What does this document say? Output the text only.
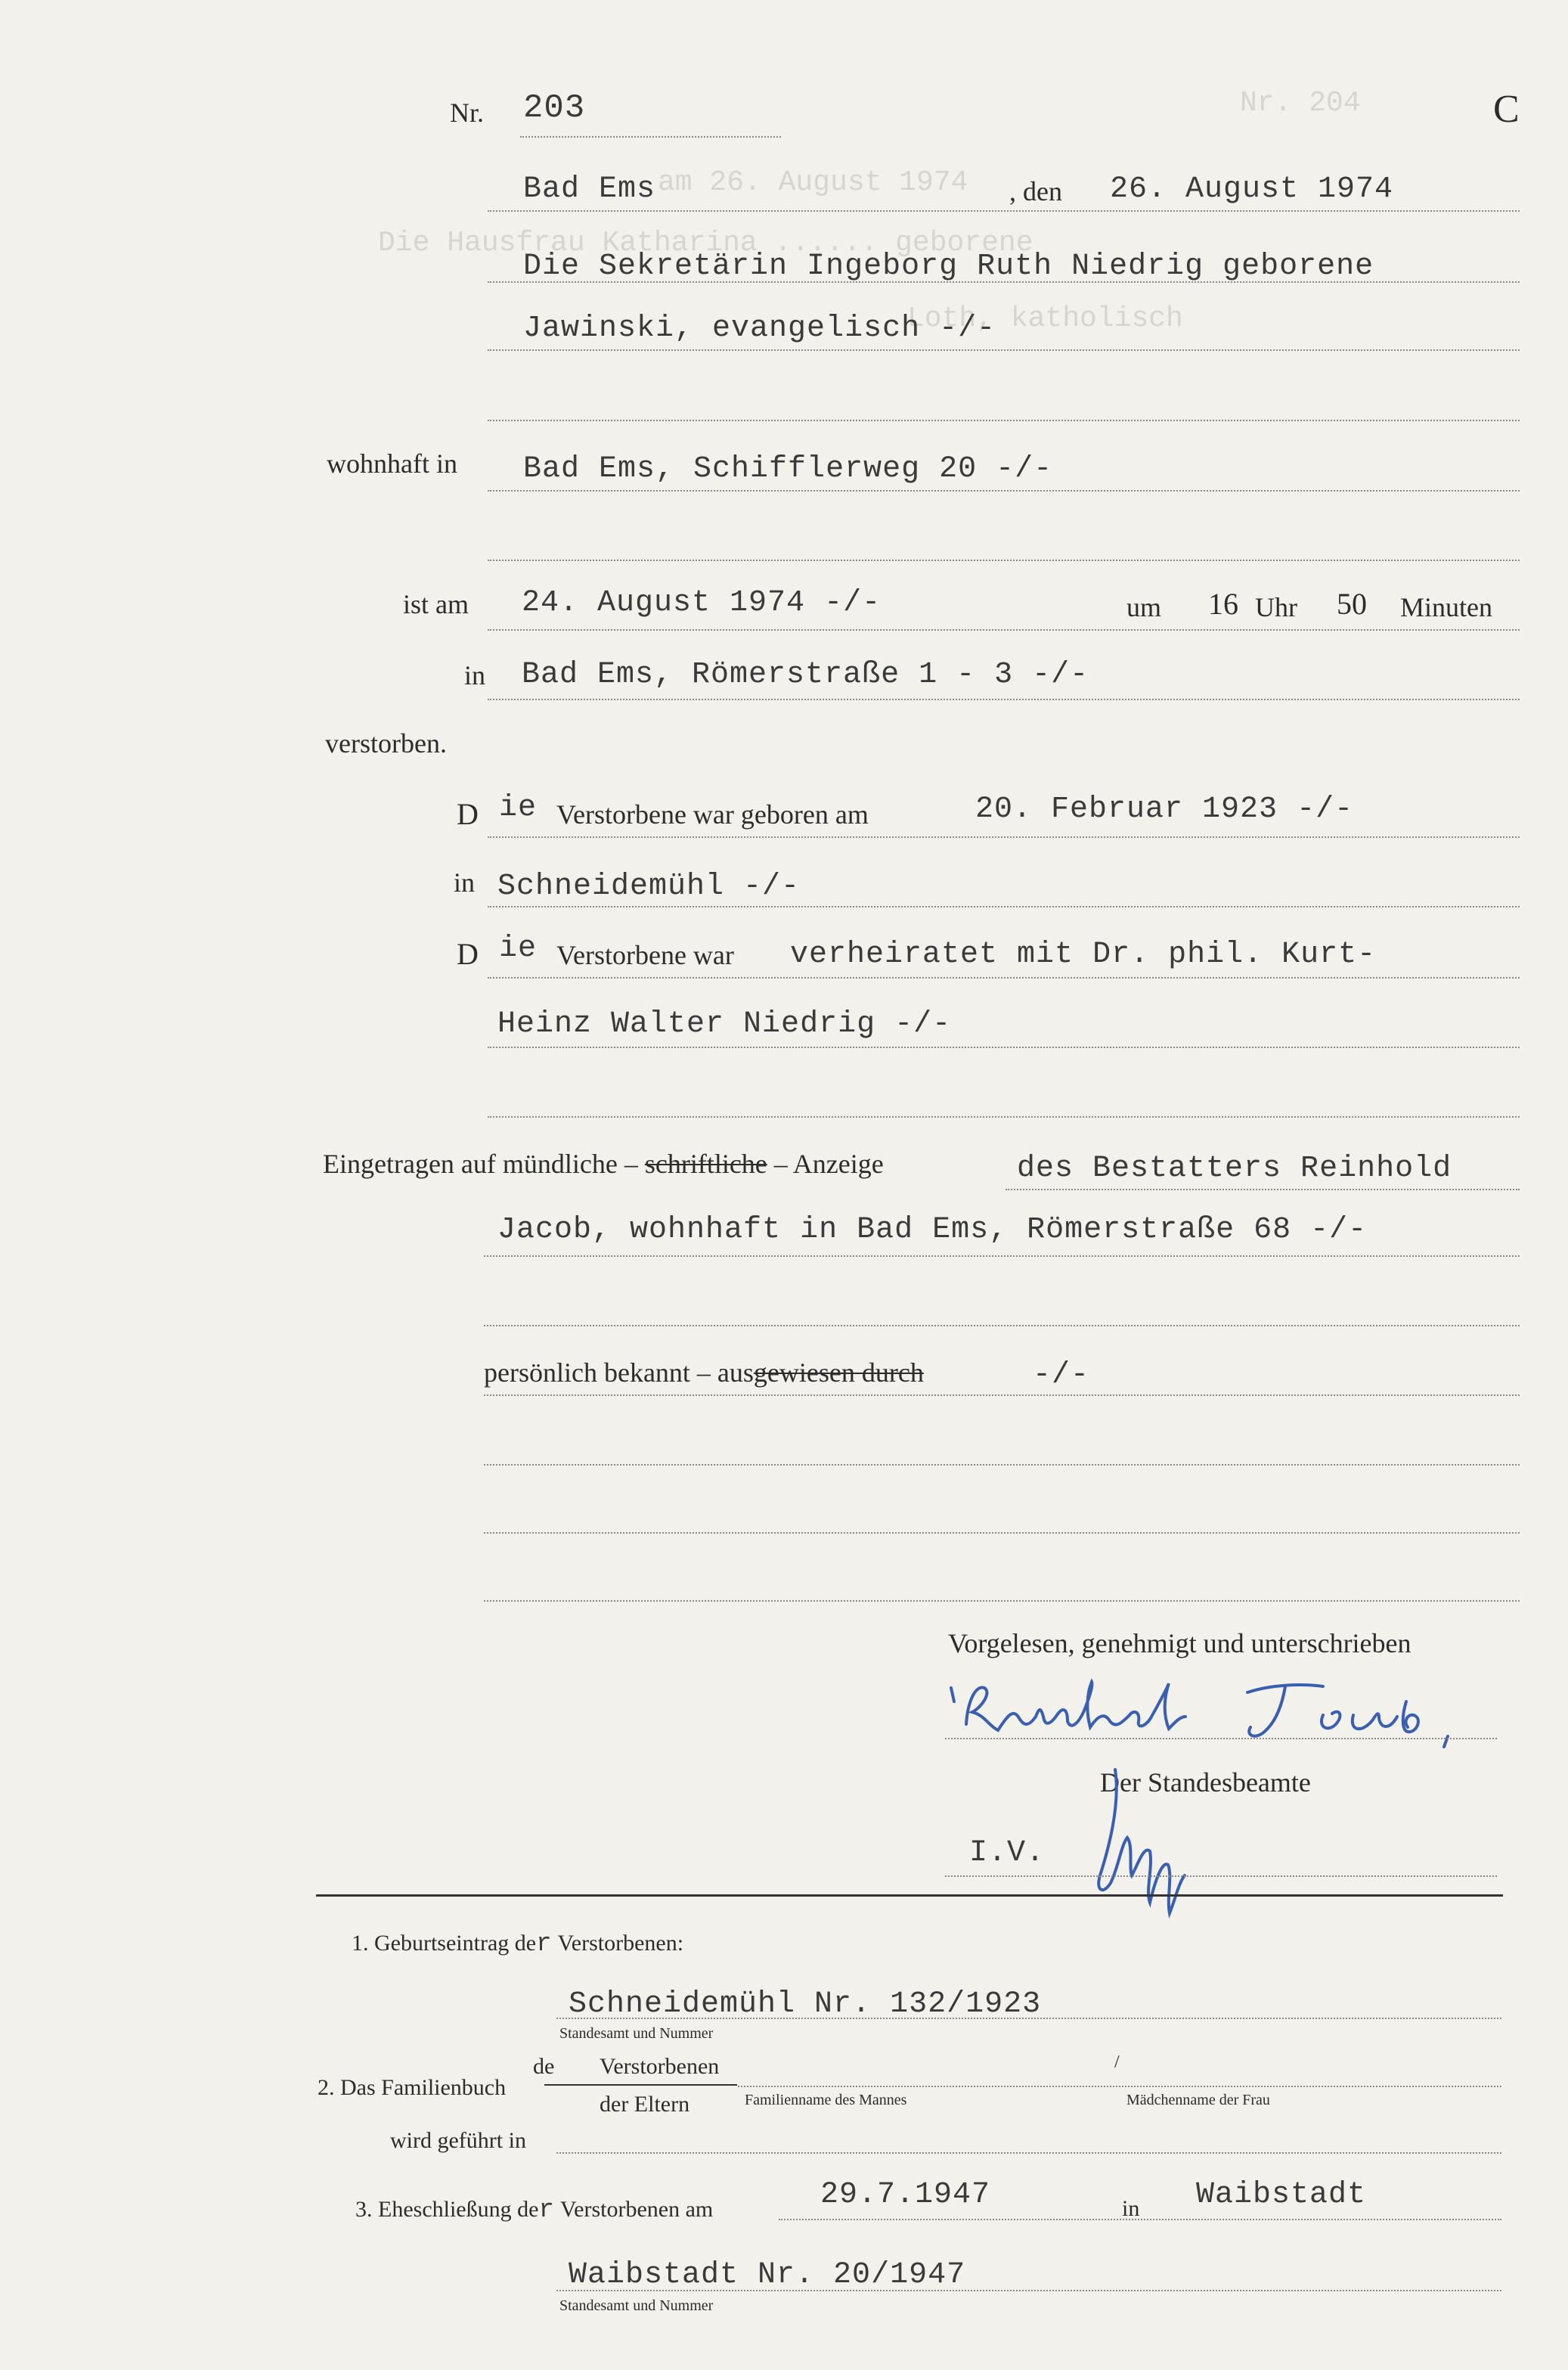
Nr. 204
am 26. August 1974
Die Hausfrau Katharina ...... geborene
Loth, katholisch
C
Nr. 203
Bad Ems	, den 26. August 1974
Die Sekretärin Ingeborg Ruth Niedrig geborene
Jawinski, evangelisch -/-
wohnhaft in Bad Ems, Schifflerweg 20 -/-
ist am 24. August 1974 -/-	um 16 Uhr 50 Minuten
in Bad Ems, Römerstraße 1 - 3 -/-
verstorben.
D ie Verstorbene war geboren am	20. Februar 1923 -/-
in Schneidemühl -/-
D ie Verstorbene war verheiratet mit Dr. phil. Kurt-
Heinz Walter Niedrig -/-
Eingetragen auf mündliche – schriftliche – Anzeige	des Bestatters Reinhold
Jacob, wohnhaft in Bad Ems, Römerstraße 68 -/-
persönlich bekannt – ausgewiesen durch	-/-
Vorgelesen, genehmigt und unterschrieben
Der Standesbeamte
I.V.
1. Geburtseintrag der Verstorbenen:
Schneidemühl Nr. 132/1923
Standesamt und Nummer
de Verstorbenen
2. Das Familienbuch
der Eltern
/
Familienname des Mannes	Mädchenname der Frau
wird geführt in
3. Eheschließung der Verstorbenen am	29.7.1947	in Waibstadt
Waibstadt Nr. 20/1947
Standesamt und Nummer
